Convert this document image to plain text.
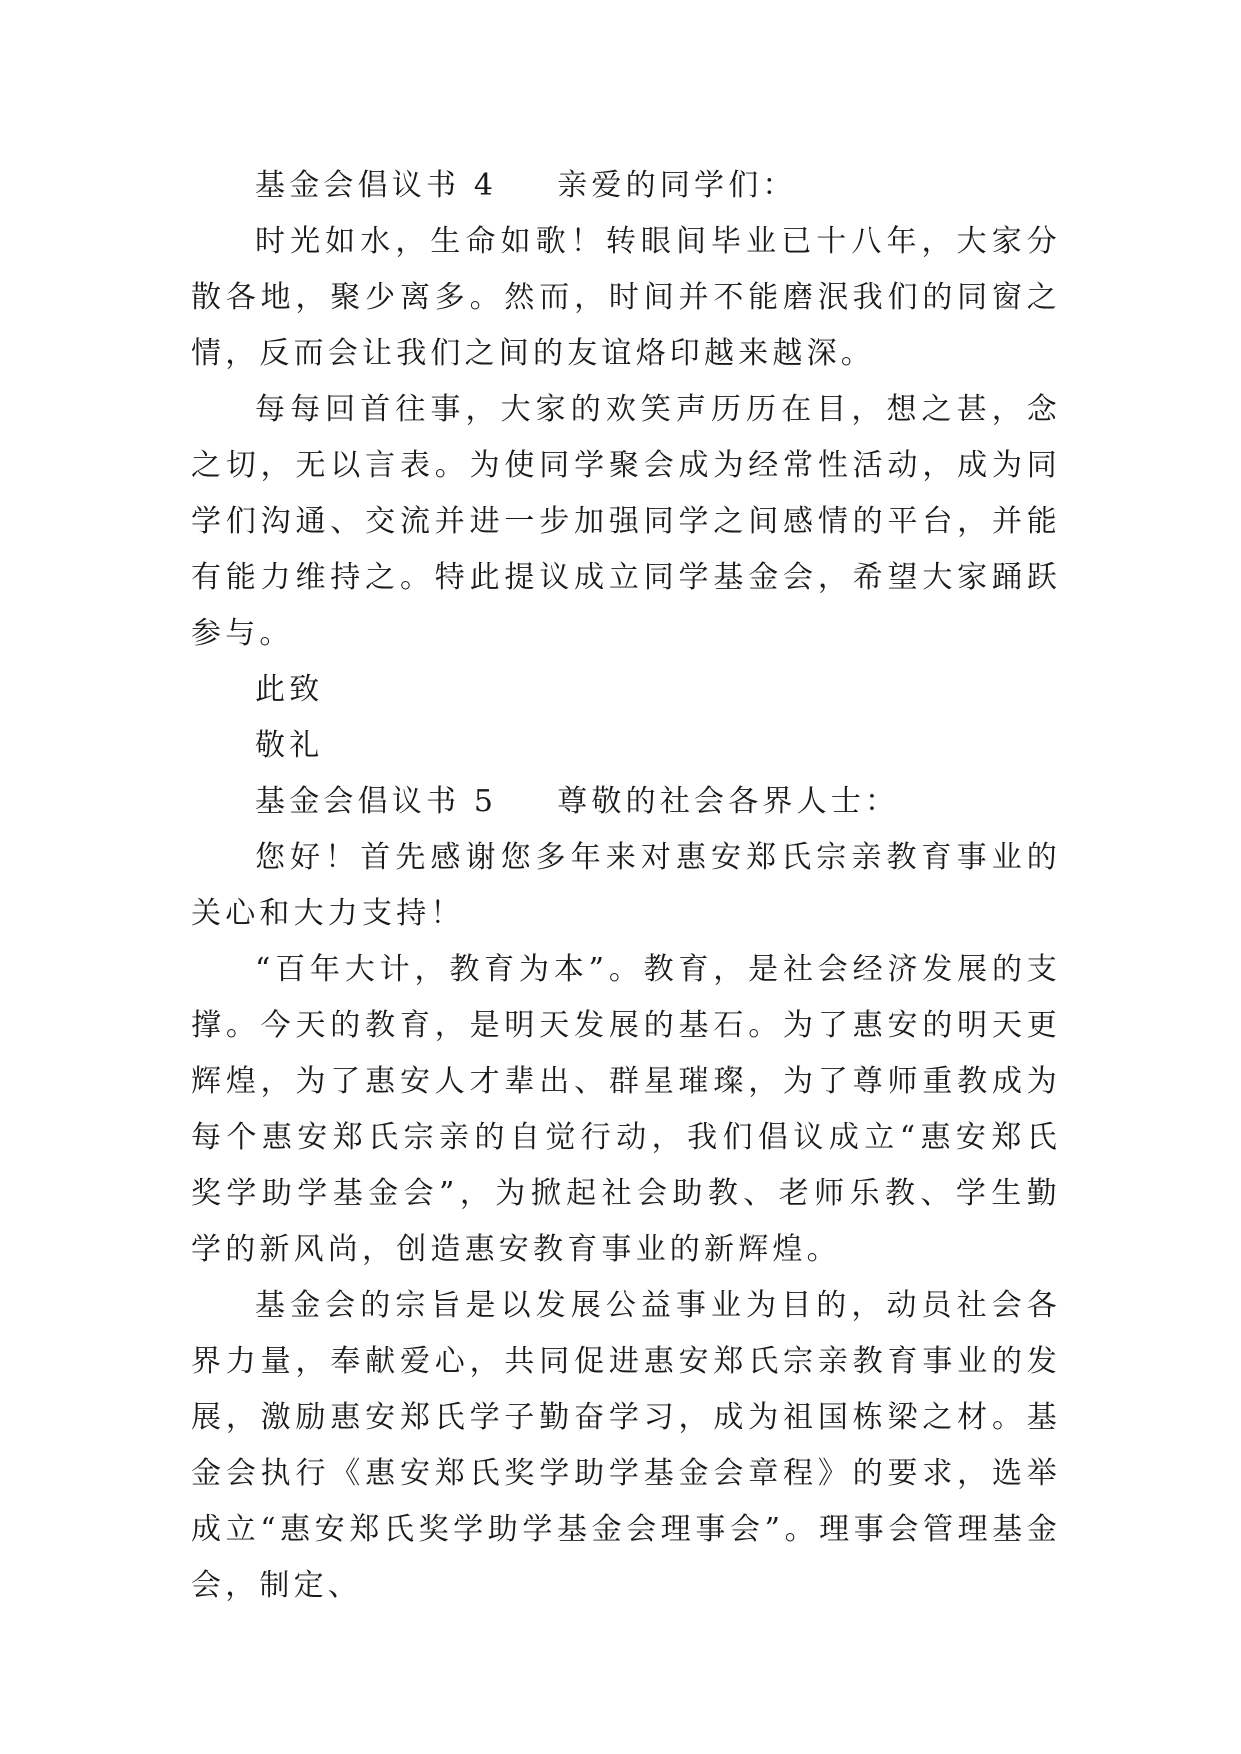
基金会倡议书 4 亲爱的同学们：

时光如水，生命如歌！转眼间毕业已十八年，大家分散各地，聚少离多。然而，时间并不能磨泯我们的同窗之情，反而会让我们之间的友谊烙印越来越深。

每每回首往事，大家的欢笑声历历在目，想之甚，念之切，无以言表。为使同学聚会成为经常性活动，成为同学们沟通、交流并进一步加强同学之间感情的平台，并能有能力维持之。特此提议成立同学基金会，希望大家踊跃参与。

此致

敬礼

基金会倡议书 5 尊敬的社会各界人士：

您好！首先感谢您多年来对惠安郑氏宗亲教育事业的关心和大力支持！

“百年大计，教育为本”。教育，是社会经济发展的支撑。今天的教育，是明天发展的基石。为了惠安的明天更辉煌，为了惠安人才辈出、群星璀璨，为了尊师重教成为每个惠安郑氏宗亲的自觉行动，我们倡议成立“惠安郑氏奖学助学基金会”，为掀起社会助教、老师乐教、学生勤学的新风尚，创造惠安教育事业的新辉煌。

基金会的宗旨是以发展公益事业为目的，动员社会各界力量，奉献爱心，共同促进惠安郑氏宗亲教育事业的发展，激励惠安郑氏学子勤奋学习，成为祖国栋梁之材。基金会执行《惠安郑氏奖学助学基金会章程》的要求，选举成立“惠安郑氏奖学助学基金会理事会”。理事会管理基金会，制定、
